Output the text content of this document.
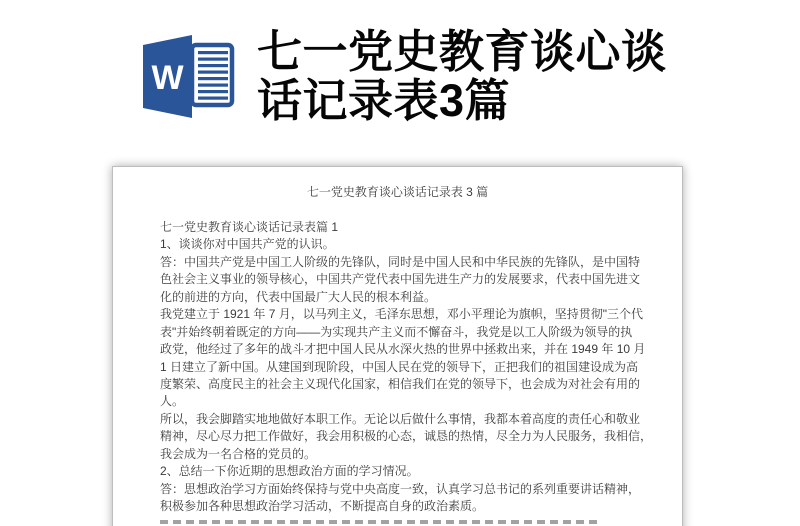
W
七一党史教育谈心谈
话记录表3篇
七一党史教育谈心谈话记录表 3 篇
七一党史教育谈心谈话记录表篇 1
1、谈谈你对中国共产党的认识。
答：中国共产党是中国工人阶级的先锋队，同时是中国人民和中华民族的先锋队，是中国特
色社会主义事业的领导核心，中国共产党代表中国先进生产力的发展要求，代表中国先进文
化的前进的方向，代表中国最广大人民的根本利益。
我党建立于 1921 年 7 月，以马列主义，毛泽东思想，邓小平理论为旗帜，坚持贯彻"三个代
表"并始终朝着既定的方向——为实现共产主义而不懈奋斗，我党是以工人阶级为领导的执
政党，他经过了多年的战斗才把中国人民从水深火热的世界中拯救出来，并在 1949 年 10 月
1 日建立了新中国。从建国到现阶段，中国人民在党的领导下，正把我们的祖国建设成为高
度繁荣、高度民主的社会主义现代化国家，相信我们在党的领导下，也会成为对社会有用的
人。
所以，我会脚踏实地地做好本职工作。无论以后做什么事情，我都本着高度的责任心和敬业
精神，尽心尽力把工作做好，我会用积极的心态，诚恳的热情，尽全力为人民服务，我相信，
我会成为一名合格的党员的。
2、总结一下你近期的思想政治方面的学习情况。
答：思想政治学习方面始终保持与党中央高度一致，认真学习总书记的系列重要讲话精神，
积极参加各种思想政治学习活动，不断提高自身的政治素质。
